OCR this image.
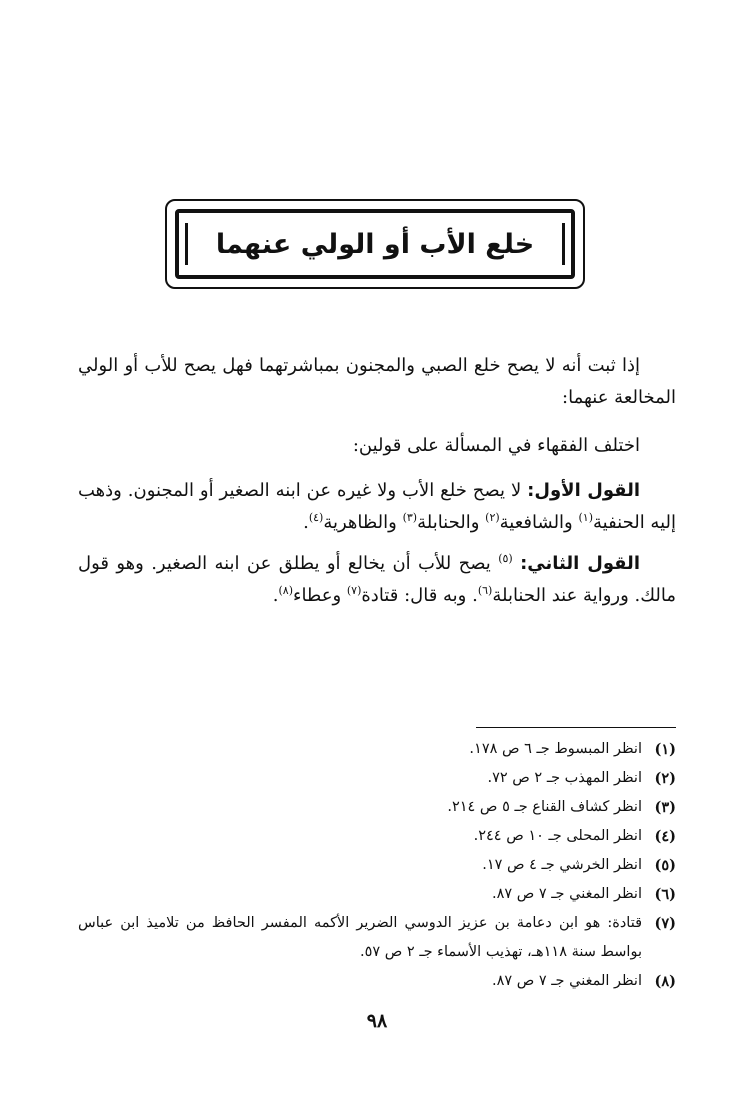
خلع الأب أو الولي عنهما
إذا ثبت أنه لا يصح خلع الصبي والمجنون بمباشرتهما فهل يصح للأب أو الولي المخالعة عنهما:
اختلف الفقهاء في المسألة على قولين:
القول الأول: لا يصح خلع الأب ولا غيره عن ابنه الصغير أو المجنون. وذهب إليه الحنفية$^{(١)}$ والشافعية$^{(٢)}$ والحنابلة$^{(٣)}$ والظاهرية$^{(٤)}$.
القول الثاني: $^{(٥)}$ يصح للأب أن يخالع أو يطلق عن ابنه الصغير. وهو قول مالك. ورواية عند الحنابلة$^{(٦)}$. وبه قال: قتادة$^{(٧)}$ وعطاء$^{(٨)}$.
(١)
انظر المبسوط جـ ٦ ص ١٧٨.
(٢)
انظر المهذب جـ ٢ ص ٧٢.
(٣)
انظر كشاف القناع جـ ٥ ص ٢١٤.
(٤)
انظر المحلى جـ ١٠ ص ٢٤٤.
(٥)
انظر الخرشي جـ ٤ ص ١٧.
(٦)
انظر المغني جـ ٧ ص ٨٧.
(٧)
قتادة: هو ابن دعامة بن عزيز الدوسي الضرير الأكمه المفسر الحافظ من تلاميذ ابن عباس بواسط سنة ١١٨هـ، تهذيب الأسماء جـ ٢ ص ٥٧.
(٨)
انظر المغني جـ ٧ ص ٨٧.
٩٨
